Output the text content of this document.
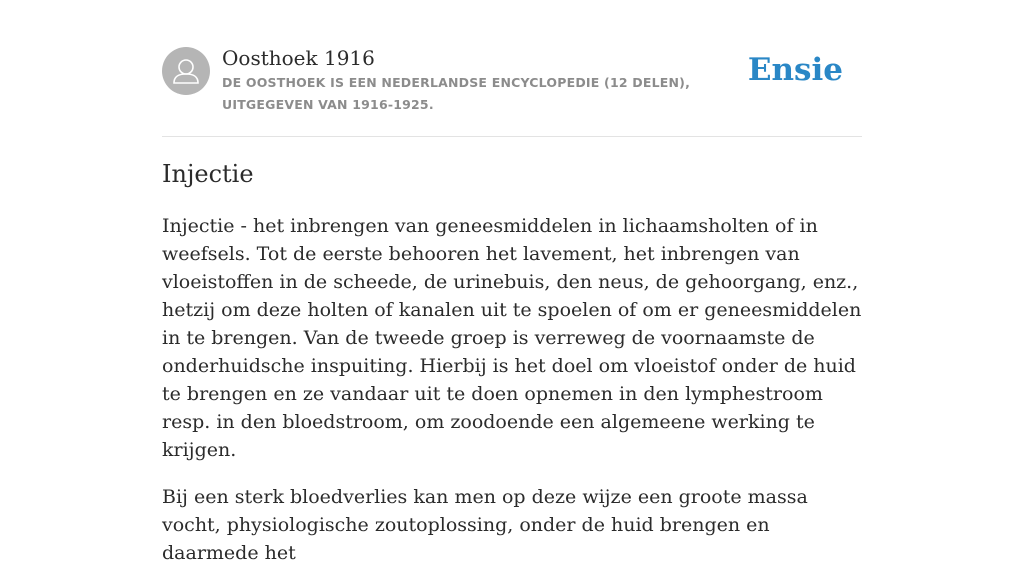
Oosthoek 1916
DE OOSTHOEK IS EEN NEDERLANDSE ENCYCLOPEDIE (12 DELEN), UITGEGEVEN VAN 1916-1925.
Ensie
Injectie

Injectie - het inbrengen van geneesmiddelen in lichaamsholten of in weefsels. Tot de eerste behooren het lavement, het inbrengen van vloeistoffen in de scheede, de urinebuis, den neus, de gehoorgang, enz., hetzij om deze holten of kanalen uit te spoelen of om er geneesmiddelen in te brengen. Van de tweede groep is verreweg de voornaamste de onderhuidsche inspuiting. Hierbij is het doel om vloeistof onder de huid te brengen en ze vandaar uit te doen opnemen in den lymphestroom resp. in den bloedstroom, om zoodoende een algemeene werking te krijgen.

Bij een sterk bloedverlies kan men op deze wijze een groote massa vocht, physiologische zoutoplossing, onder de huid brengen en daarmede het
